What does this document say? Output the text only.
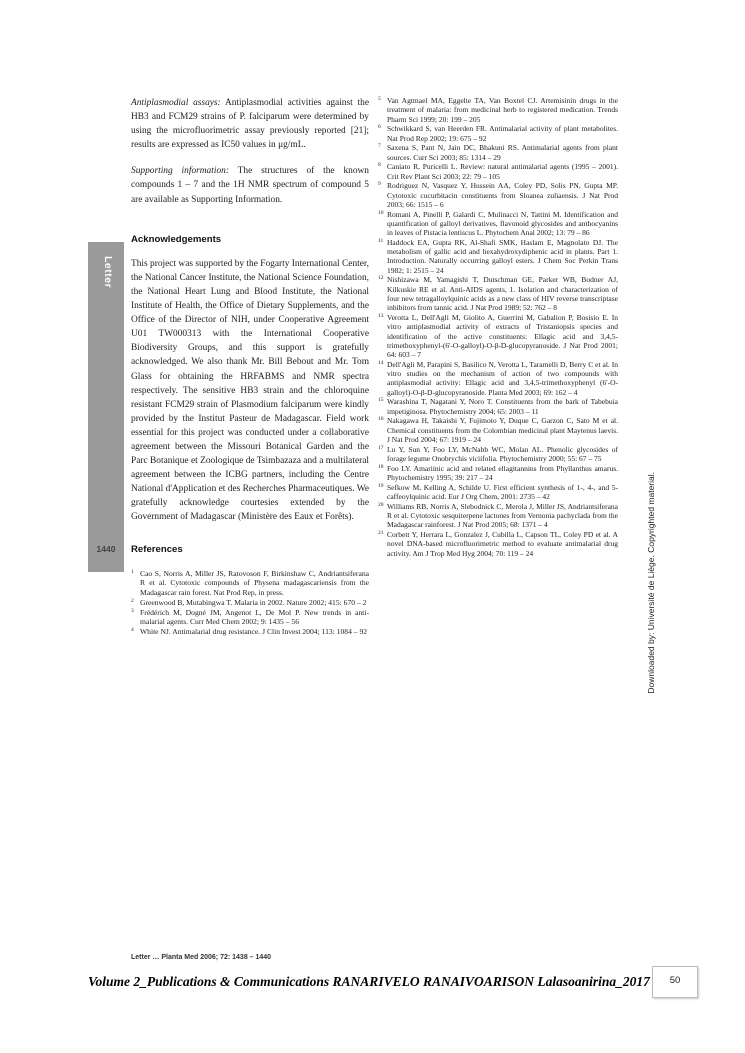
Letter
1440

Antiplasmodial assays: Antiplasmodial activities against the HB3 and FCM29 strains of P. falciparum were determined by using the microfluorimetric assay previously reported [21]; results are expressed as IC50 values in μg/mL.

Supporting information: The structures of the known compounds 1 – 7 and the 1H NMR spectrum of compound 5 are available as Supporting Information.

Acknowledgements

This project was supported by the Fogarty International Center, the National Cancer Institute, the National Science Foundation, the National Heart Lung and Blood Institute, the National Institute of Health, the Office of Dietary Supplements, and the Office of the Director of NIH, under Cooperative Agreement U01 TW000313 with the International Cooperative Biodiversity Groups, and this support is gratefully acknowledged. We also thank Mr. Bill Bebout and Mr. Tom Glass for obtaining the HRFABMS and NMR spectra respectively. The sensitive HB3 strain and the chloroquine resistant FCM29 strain of Plasmodium falciparum were kindly provided by the Institut Pasteur de Madagascar. Field work essential for this project was conducted under a collaborative agreement between the Missouri Botanical Garden and the Parc Botanique et Zoologique de Tsimbazaza and a multilateral agreement between the ICBG partners, including the Centre National d'Application et des Recherches Pharmaceutiques. We gratefully acknowledge courtesies extended by the Government of Madagascar (Ministère des Eaux et Forêts).

References

1 Cao S, Norris A, Miller JS, Ratovoson F, Birkinshaw C, Andriantsiferana R et al. Cytotoxic compounds of Physena madagascariensis from the Madagascar rain forest. Nat Prod Rep, in press.

2 Greenwood B, Mutabingwa T. Malaria in 2002. Nature 2002; 415: 670 – 2

3 Frédérich M, Dogné JM, Angenot L, De Mol P. New trends in anti-malarial agents. Curr Med Chem 2002; 9: 1435 – 56

4 White NJ. Antimalarial drug resistance. J Clin Invest 2004; 113: 1084 – 92

5 Van Agtmael MA, Eggelte TA, Van Boxtel CJ. Artemisinin drugs in the treatment of malaria: from medicinal herb to registered medication. Trends Pharm Sci 1999; 20: 199 – 205

6 Schwikkard S, van Heerden FR. Antimalarial activity of plant metabolites. Nat Prod Rep 2002; 19: 675 – 92

7 Saxena S, Pant N, Jain DC, Bhakuni RS. Antimalarial agents from plant sources. Curr Sci 2003; 85: 1314 – 29

8 Caniato R, Puricelli L. Review: natural antimalarial agents (1995 – 2001). Crit Rev Plant Sci 2003; 22: 79 – 105

9 Rodriguez N, Vasquez Y, Hussein AA, Coley PD, Solis PN, Gupta MP. Cytotoxic cucurbitacin constituents from Sloanea zuliaensis. J Nat Prod 2003; 66: 1515 – 6

10 Romani A, Pinelli P, Galardi C, Mulinacci N, Tattini M. Identification and quantification of galloyl derivatives, flavonoid glycosides and anthocyanins in leaves of Pistacia lentiscus L. Phytochem Anal 2002; 13: 79 – 86

11 Haddock EA, Gupta RK, Al-Shafi SMK, Haslam E, Magnolato DJ. The metabolism of gallic acid and hexahydroxydiphenic acid in plants. Part 1. Introduction. Naturally occurring galloyl esters. J Chem Soc Perkin Trans 1982; 1: 2515 – 24

12 Nishizawa M, Yamagishi T, Dutschman GE, Parker WB, Bodner AJ, Kilkuskie RE et al. Anti-AIDS agents, 1. Isolation and characterization of four new tetragalloylquinic acids as a new class of HIV reverse transcriptase inhibitors from tannic acid. J Nat Prod 1989; 52: 762 – 8

13 Verotta L, Dell'Agli M, Giolito A, Guerrini M, Gabalion P, Bosisio E. In vitro antiplasmodial activity of extracts of Tristaniopsis species and identification of the active constituents: Ellagic acid and 3,4,5-trimethoxyphenyl-(6'-O-galloyl)-O-β-D-glucopyranoside. J Nat Prod 2001; 64: 603 – 7

14 Dell'Agli M, Parapini S, Basilico N, Verotta L, Taramelli D, Berry C et al. In vitro studies on the mechanism of action of two compounds with antiplasmodial activity: Ellagic acid and 3,4,5-trimethoxyphenyl (6'-O-galloyl)-O-β-D-glucopyranoside. Planta Med 2003; 69: 162 – 4

15 Warashina T, Nagatani Y, Noro T. Constituents from the bark of Tabebuia impetiginosa. Phytochemistry 2004; 65: 2003 – 11

16 Nakagawa H, Takaishi Y, Fujimoto Y, Duque C, Garzon C, Sato M et al. Chemical constituents from the Colombian medicinal plant Maytenus laevis. J Nat Prod 2004; 67: 1919 – 24

17 Lu Y, Sun Y, Foo LY, McNabb WC, Molan AL. Phenolic glycosides of forage legume Onobrychis viciifolia. Phytochemistry 2000; 55: 67 – 75

18 Foo LY. Amariinic acid and related ellagitannins from Phyllanthus amarus. Phytochemistry 1995; 39: 217 – 24

19 Sefkow M, Kelling A, Schilde U. First efficient synthesis of 1-, 4-, and 5-caffeoylquinic acid. Eur J Org Chem, 2001: 2735 – 42

20 Williams RB, Norris A, Slebodnick C, Merola J, Miller JS, Andriantsiferana R et al. Cytotoxic sesquiterpene lactones from Vernonia pachyclada from the Madagascar rainforest. J Nat Prod 2005; 68: 1371 – 4

21 Corbett Y, Herrara L, Gonzalez J, Cubilla L, Capson TL, Coley PD et al. A novel DNA-based microfluorimetric method to evaluate antimalarial drug activity. Am J Trop Med Hyg 2004; 70: 119 – 24	Downloaded by: Université de Liège. Copyrighted material.
Letter … Planta Med 2006; 72: 1438 – 1440
Volume 2_Publications & Communications RANARIVELO RANAIVOARISON Lalasoanirina_2017	50
